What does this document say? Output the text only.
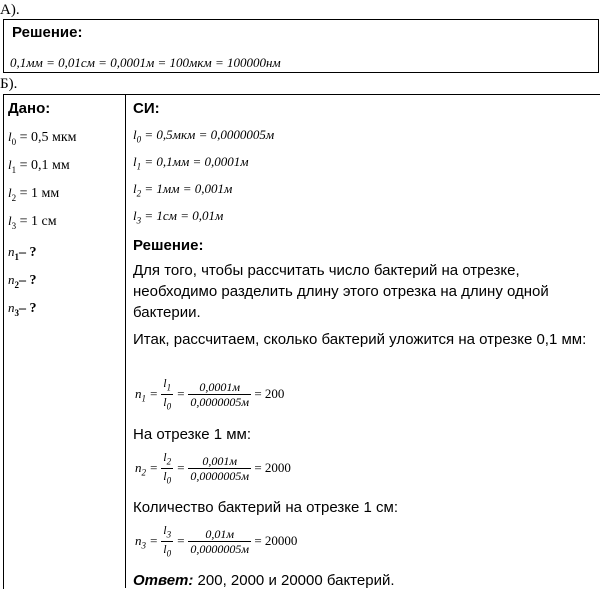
А).
Решение:
0,1мм = 0,01см = 0,0001м = 100мкм = 100000нм
Б).
Дано:
$l_0 = 0,5$ мкм
$l_1 = 0,1$ мм
$l_2 = 1$ мм
$l_3 = 1$ см
$n_1-$ ?
$n_2-$ ?
$n_3-$ ?
СИ:
$l_0 = 0,5мкм = 0,0000005м$
$l_1 = 0,1мм = 0,0001м$
$l_2 = 1мм = 0,001м$
$l_3 = 1см = 0,01м$
Решение:
Для того, чтобы рассчитать число бактерий на отрезке, необходимо разделить длину этого отрезка на длину одной бактерии.
Итак, рассчитаем, сколько бактерий уложится на отрезке 0,1 мм:
$n_1 = \frac{l_1}{l_0} = \frac{0,0001м}{0,0000005м} = 200$
На отрезке 1 мм:
$n_2 = \frac{l_2}{l_0} = \frac{0,001м}{0,0000005м} = 2000$
Количество бактерий на отрезке 1 см:
$n_3 = \frac{l_3}{l_0} = \frac{0,01м}{0,0000005м} = 20000$
Ответ: 200, 2000 и 20000 бактерий.
